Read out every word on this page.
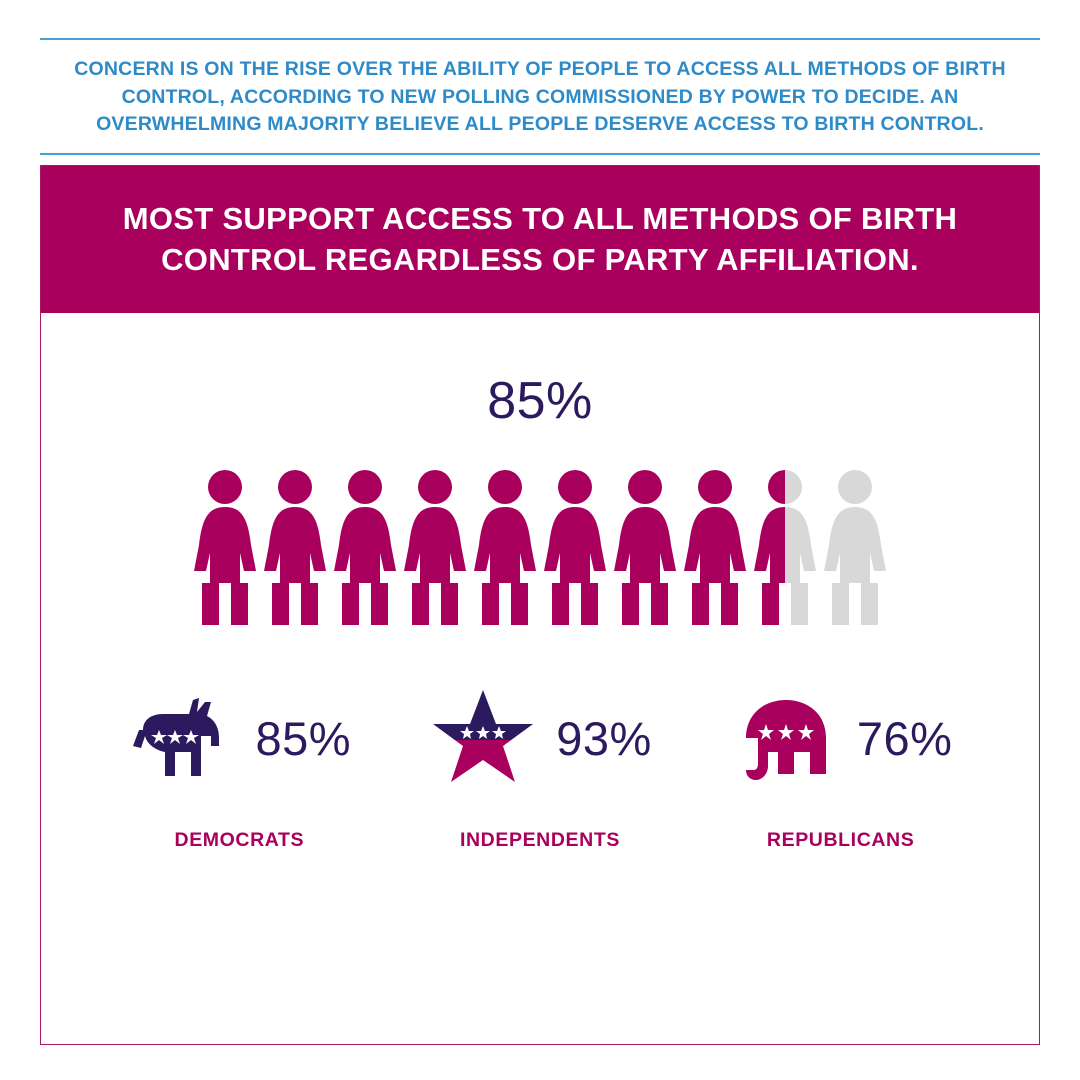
CONCERN IS ON THE RISE OVER THE ABILITY OF PEOPLE TO ACCESS ALL METHODS OF BIRTH CONTROL, ACCORDING TO NEW POLLING COMMISSIONED BY POWER TO DECIDE. AN OVERWHELMING MAJORITY BELIEVE ALL PEOPLE DESERVE ACCESS TO BIRTH CONTROL.
MOST SUPPORT ACCESS TO ALL METHODS OF BIRTH CONTROL REGARDLESS OF PARTY AFFILIATION.
85%
85%
DEMOCRATS
93%
INDEPENDENTS
76%
REPUBLICANS
